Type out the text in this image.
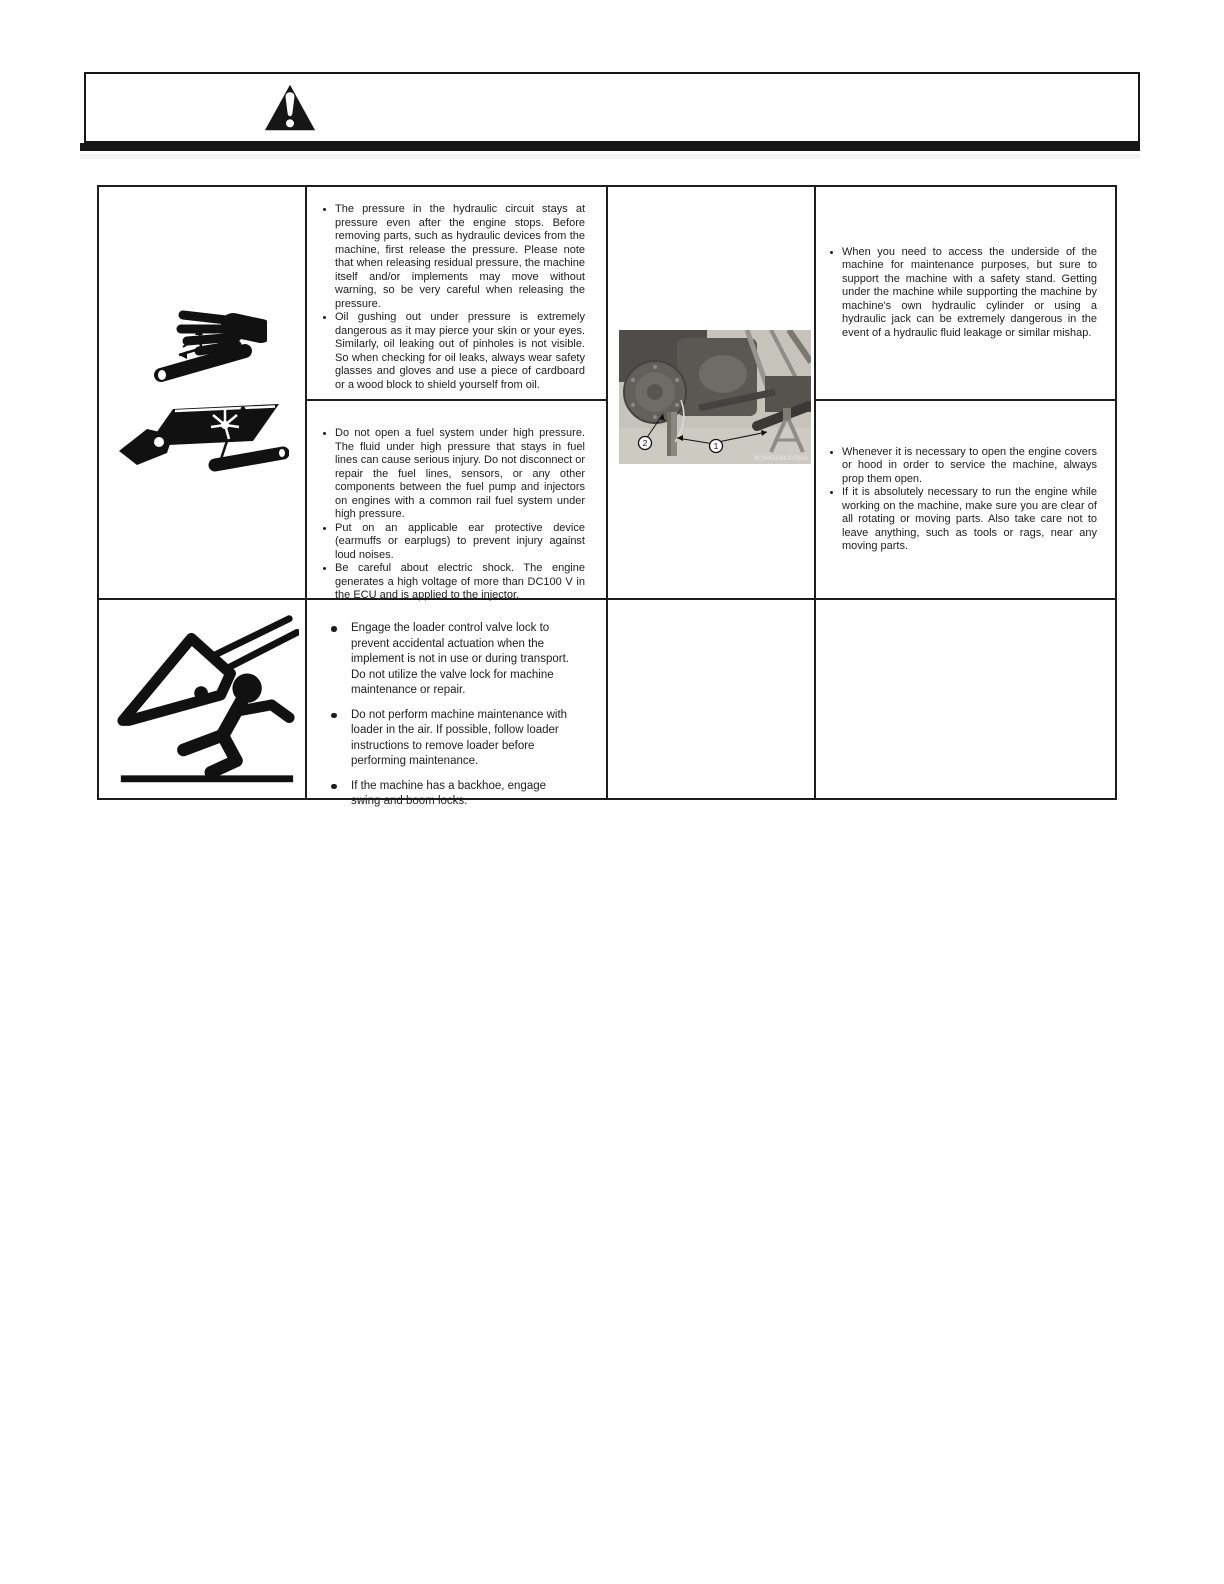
The pressure in the hydraulic circuit stays at pressure even after the engine stops. Before removing parts, such as hydraulic devices from the machine, first release the pressure. Please note that when releasing residual pressure, the machine itself and/or implements may move without warning, so be very careful when releasing the pressure.
Oil gushing out under pressure is extremely dangerous as it may pierce your skin or your eyes. Similarly, oil leaking out of pinholes is not visible. So when checking for oil leaks, always wear safety glasses and gloves and use a piece of cardboard or a wood block to shield yourself from oil.
Do not open a fuel system under high pressure. The fluid under high pressure that stays in fuel lines can cause serious injury. Do not disconnect or repair the fuel lines, sensors, or any other components between the fuel pump and injectors on engines with a common rail fuel system under high pressure.
Put on an applicable ear protective device (earmuffs or earplugs) to prevent injury against loud noises.
Be careful about electric shock. The engine generates a high voltage of more than DC100 V in the ECU and is applied to the injector.
2	1
9C9HDABCP099A
When you need to access the underside of the machine for maintenance purposes, but sure to support the machine with a safety stand. Getting under the machine while supporting the machine by machine's own hydraulic cylinder or using a hydraulic jack can be extremely dangerous in the event of a hydraulic fluid leakage or similar mishap.
Whenever it is necessary to open the engine covers or hood in order to service the machine, always prop them open.
If it is absolutely necessary to run the engine while working on the machine, make sure you are clear of all rotating or moving parts. Also take care not to leave anything, such as tools or rags, near any moving parts.
Engage the loader control valve lock to prevent accidental actuation when the implement is not in use or during transport. Do not utilize the valve lock for machine maintenance or repair.
Do not perform machine maintenance with loader in the air. If possible, follow loader instructions to remove loader before performing maintenance.
If the machine has a backhoe, engage swing and boom locks.
